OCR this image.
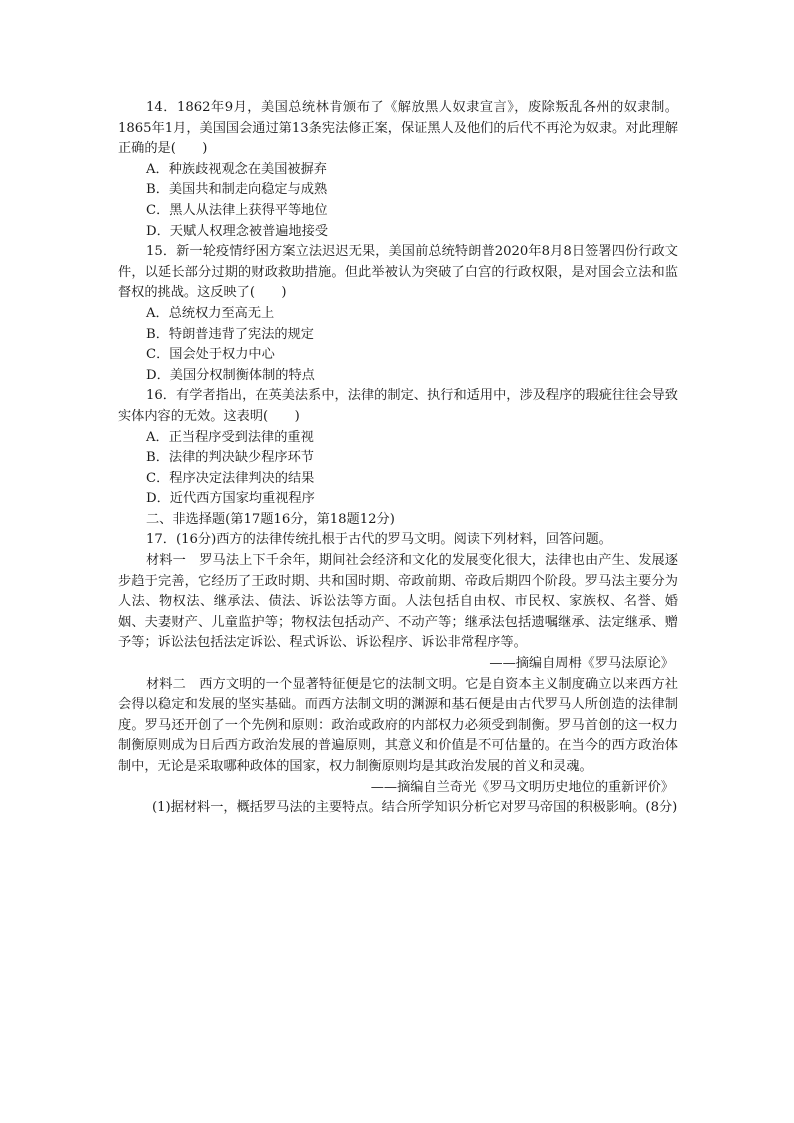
14．1862年9月，美国总统林肯颁布了《解放黑人奴隶宣言》，废除叛乱各州的奴隶制。1865年1月，美国国会通过第13条宪法修正案，保证黑人及他们的后代不再沦为奴隶。对此理解正确的是(　　)

A．种族歧视观念在美国被摒弃

B．美国共和制走向稳定与成熟

C．黑人从法律上获得平等地位

D．天赋人权理念被普遍地接受

15．新一轮疫情纾困方案立法迟迟无果，美国前总统特朗普2020年8月8日签署四份行政文件，以延长部分过期的财政救助措施。但此举被认为突破了白宫的行政权限，是对国会立法和监督权的挑战。这反映了(　　)

A．总统权力至高无上

B．特朗普违背了宪法的规定

C．国会处于权力中心

D．美国分权制衡体制的特点

16．有学者指出，在英美法系中，法律的制定、执行和适用中，涉及程序的瑕疵往往会导致实体内容的无效。这表明(　　)

A．正当程序受到法律的重视

B．法律的判决缺少程序环节

C．程序决定法律判决的结果

D．近代西方国家均重视程序

二、非选择题(第17题16分，第18题12分)

17．(16分)西方的法律传统扎根于古代的罗马文明。阅读下列材料，回答问题。

材料一　罗马法上下千余年，期间社会经济和文化的发展变化很大，法律也由产生、发展逐步趋于完善，它经历了王政时期、共和国时期、帝政前期、帝政后期四个阶段。罗马法主要分为人法、物权法、继承法、债法、诉讼法等方面。人法包括自由权、市民权、家族权、名誉、婚姻、夫妻财产、儿童监护等；物权法包括动产、不动产等；继承法包括遗嘱继承、法定继承、赠予等；诉讼法包括法定诉讼、程式诉讼、诉讼程序、诉讼非常程序等。

——摘编自周枏《罗马法原论》

材料二　西方文明的一个显著特征便是它的法制文明。它是自资本主义制度确立以来西方社会得以稳定和发展的坚实基础。而西方法制文明的渊源和基石便是由古代罗马人所创造的法律制度。罗马还开创了一个先例和原则：政治或政府的内部权力必须受到制衡。罗马首创的这一权力制衡原则成为日后西方政治发展的普遍原则，其意义和价值是不可估量的。在当今的西方政治体制中，无论是采取哪种政体的国家，权力制衡原则均是其政治发展的首义和灵魂。

——摘编自兰奇光《罗马文明历史地位的重新评价》

(1)据材料一，概括罗马法的主要特点。结合所学知识分析它对罗马帝国的积极影响。(8分)
